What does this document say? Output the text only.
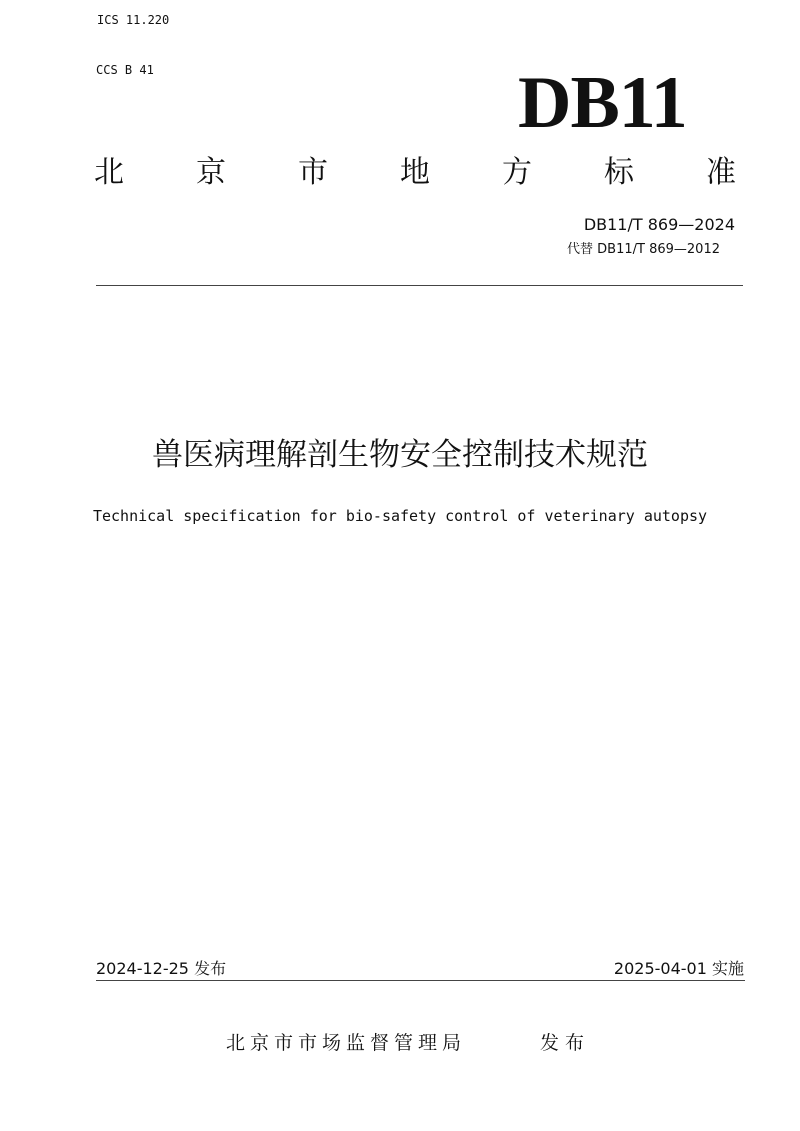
ICS 11.220
CCS B 41	DB11
北 京 市 地 方 标 准
DB11/T 869—2024
代替 DB11/T 869—2012
兽医病理解剖生物安全控制技术规范
Technical specification for bio-safety control of veterinary autopsy
2024-12-25 发布	2025-04-01 实施
北京市市场监督管理局	发布
